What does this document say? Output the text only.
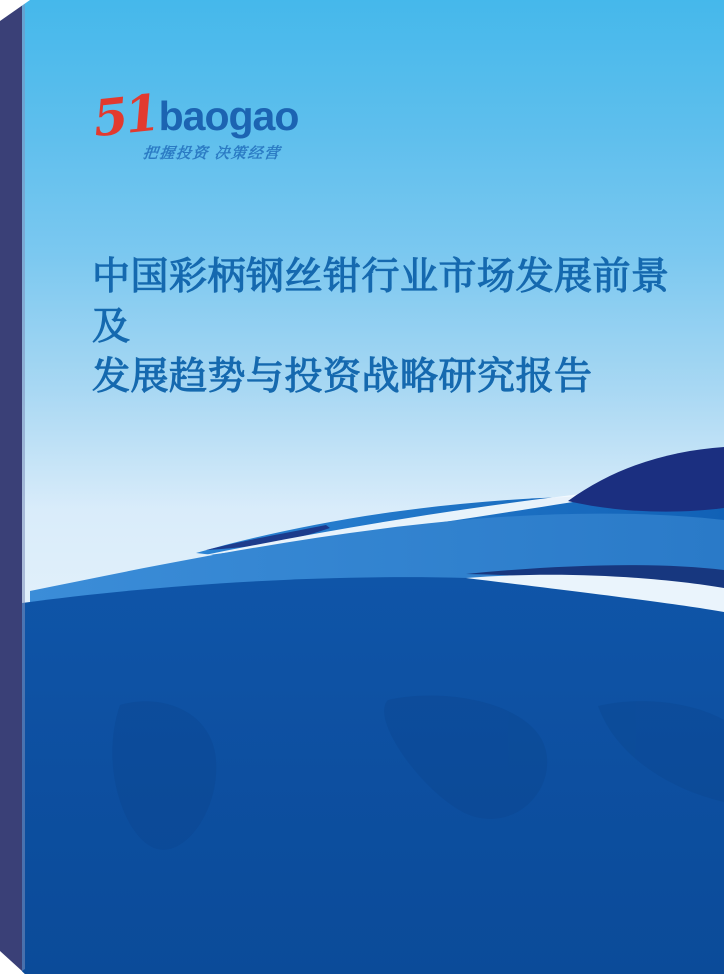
51
baogao
把握投资 决策经营
中国彩柄钢丝钳行业市场发展前景及
发展趋势与投资战略研究报告
